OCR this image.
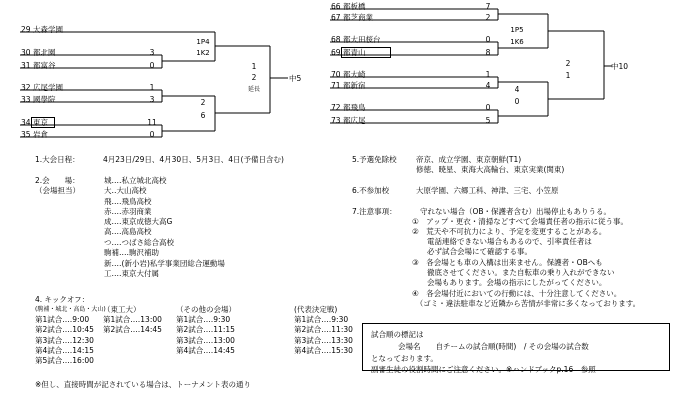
29 大森学園
30 都北園
31 都富谷
32 広尾学園
33 國學院
34 東京
35 岩倉
3
0
1
3
11
0
1P4
1K2
1
2
延長
2
6
中5
66 都板橋
67 都芝商業
68 都大田桜台
69 都青山
70 都大崎
71 都新宿
72 都飛鳥
73 都広尾
7
2
0
8
1
4
0
5
1P5
1K6
4
0
2
1
中10
1.大会日程：	4月23日/29日、4月30日、5月3日、4日(予備日含む)
2.会　　場：
（会場担当）
城‥‥私立城北高校
大‥大山高校
飛‥‥飛鳥高校
赤‥‥赤羽商業
成‥‥東京成徳大高G
高‥‥高島高校
つ‥‥つばさ総合高校
駒補‥‥駒沢補助
新‥‥(新小岩)私学事業団総合運動場
工‥‥東京大付属
4. キックオフ：
(駒補・城北・高島・大山)
第1試合‥‥9:00
第2試合‥‥10:45
第3試合‥‥12:30
第4試合‥‥14:15
第5試合‥‥16:00
（東工大）
第1試合‥‥13:00
第2試合‥‥14:45
（その他の会場）
第1試合‥‥9:30
第2試合‥‥11:15
第3試合‥‥13:00
第4試合‥‥14:45
(代表決定戦)
第1試合‥‥9:30
第2試合‥‥11:30
第3試合‥‥13:30
第4試合‥‥15:30
※但し、直接時間が記されている場合は、トーナメント表の通り
5.予選免除校	帝京、成立学園、東京朝鮮(T1)
修徳、暁星、東海大高輪台、東京実業(関東)
6.不参加校	大原学園、六郷工科、神津、三宅、小笠原
7.注意事項：	守れない場合（OB・保護者含む）出場停止もありうる。
①　アップ・更衣・清掃などすべて会場責任者の指示に従う事。
②　荒天や不可抗力により、予定を変更することがある。
　　電話連絡できない場合もあるので、引率責任者は
　　必ず試合会場にて確認する事。
③　各会場とも車の入構は出来ません。保護者・OBへも
　　徹底させてください。また自転車の乗り入れができない
　　会場もあります。会場の指示にしたがってください。
④　各会場付近においての行動には、十分注意してください。
　（ゴミ・違法駐車など近隣から苦情が非常に多くなっております。
試合順の標記は
会場名　　自チームの試合順(時間)　/ その会場の試合数
となっております。
副審生徒の役割時間にご注意ください。※ハンドブックp.16　参照
